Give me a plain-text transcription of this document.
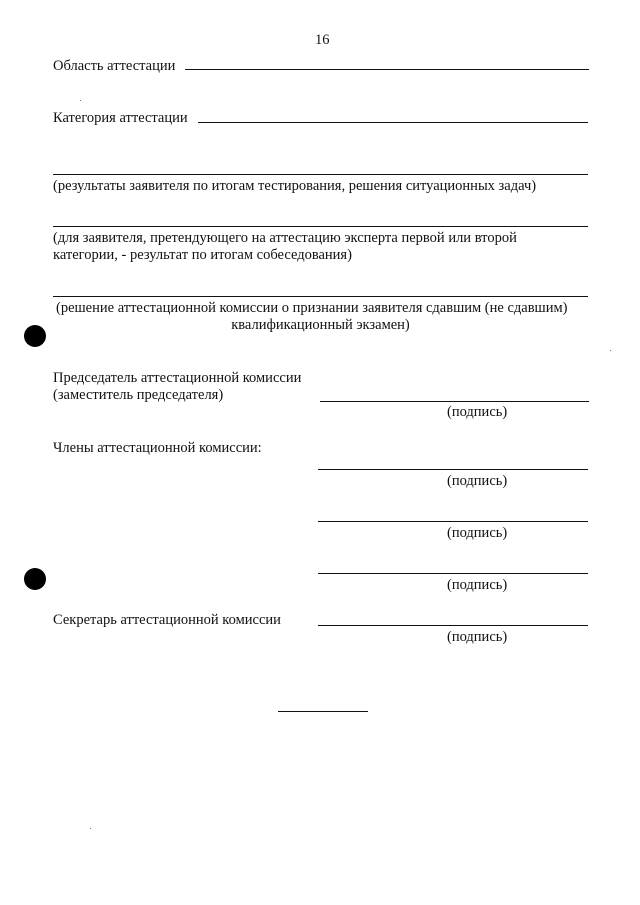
16
Область аттестации
Категория аттестации
(результаты заявителя по итогам тестирования, решения ситуационных задач)
(для заявителя, претендующего на аттестацию эксперта первой или второй
категории, - результат по итогам собеседования)
(решение аттестационной комиссии о признании заявителя сдавшим (не сдавшим)
квалификационный экзамен)
Председатель аттестационной комиссии
(заместитель председателя)
(подпись)
Члены аттестационной комиссии:
(подпись)
(подпись)
(подпись)
Секретарь аттестационной комиссии
(подпись)
